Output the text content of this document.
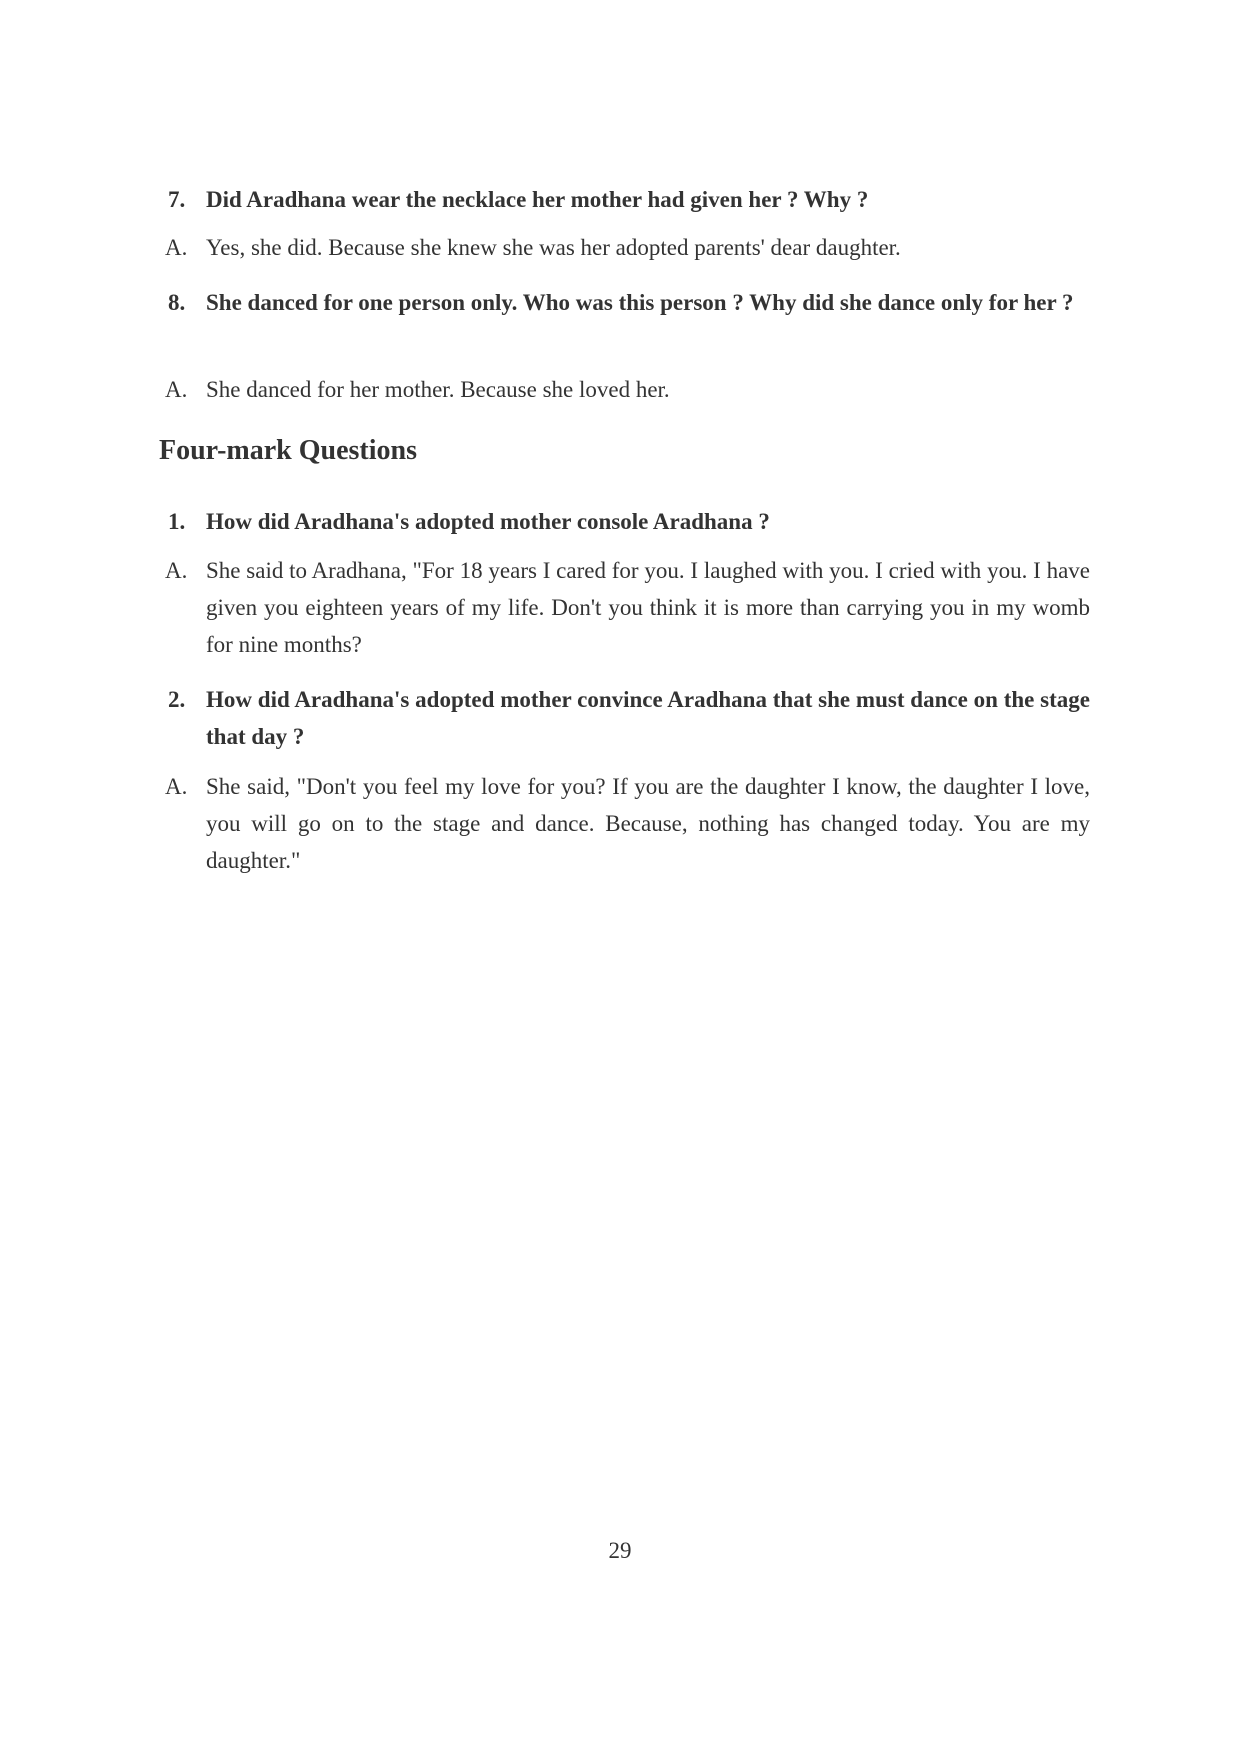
7. Did Aradhana wear the necklace her mother had given her ? Why ?
A. Yes, she did. Because she knew she was her adopted parents' dear daughter.
8. She danced for one person only. Who was this person ? Why did she dance only for her ?
A. She danced for her mother. Because she loved her.
Four-mark Questions
1. How did Aradhana's adopted mother console Aradhana ?
A. She said to Aradhana, "For 18 years I cared for you. I laughed with you. I cried with you. I have given you eighteen years of my life. Don't you think it is more than carrying you in my womb for nine months?
2. How did Aradhana's adopted mother convince Aradhana that she must dance on the stage that day ?
A. She said, "Don't you feel my love for you? If you are the daughter I know, the daughter I love, you will go on to the stage and dance. Because, nothing has changed today. You are my daughter."
29
